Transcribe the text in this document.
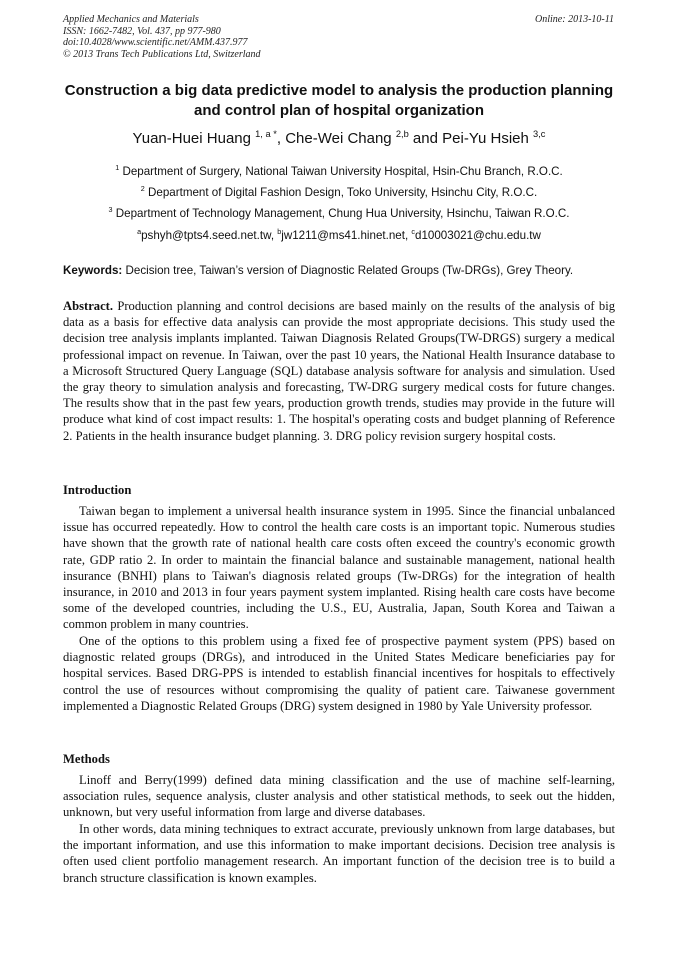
Applied Mechanics and Materials
ISSN: 1662-7482, Vol. 437, pp 977-980
doi:10.4028/www.scientific.net/AMM.437.977
© 2013 Trans Tech Publications Ltd, Switzerland
Online: 2013-10-11
Construction a big data predictive model to analysis the production planning and control plan of hospital organization
Yuan-Huei Huang $^{1, a *}$, Che-Wei Chang $^{2,b}$ and Pei-Yu Hsieh $^{3,c}$
$^1$ Department of Surgery, National Taiwan University Hospital, Hsin-Chu Branch, R.O.C.
$^2$ Department of Digital Fashion Design, Toko University, Hsinchu City, R.O.C.
$^3$ Department of Technology Management, Chung Hua University, Hsinchu, Taiwan R.O.C.
$^a$pshyh@tpts4.seed.net.tw, $^b$jw1211@ms41.hinet.net, $^c$d10003021@chu.edu.tw
Keywords: Decision tree, Taiwan’s version of Diagnostic Related Groups (Tw-DRGs), Grey Theory.

Abstract. Production planning and control decisions are based mainly on the results of the analysis of big data as a basis for effective data analysis can provide the most appropriate decisions. This study used the decision tree analysis implants implanted. Taiwan Diagnosis Related Groups(TW-DRGS) surgery a medical professional impact on revenue. In Taiwan, over the past 10 years, the National Health Insurance database to a Microsoft Structured Query Language (SQL) database analysis software for analysis and simulation. Used the gray theory to simulation analysis and forecasting, TW-DRG surgery medical costs for future changes. The results show that in the past few years, production growth trends, studies may provide in the future will produce what kind of cost impact results: 1. The hospital's operating costs and budget planning of Reference 2. Patients in the health insurance budget planning. 3. DRG policy revision surgery hospital costs.

Introduction

Taiwan began to implement a universal health insurance system in 1995. Since the financial unbalanced issue has occurred repeatedly. How to control the health care costs is an important topic. Numerous studies have shown that the growth rate of national health care costs often exceed the country's economic growth rate, GDP ratio 2. In order to maintain the financial balance and sustainable management, national health insurance (BNHI) plans to Taiwan's diagnosis related groups (Tw-DRGs) for the integration of health insurance, in 2010 and 2013 in four years payment system implanted. Rising health care costs have become some of the developed countries, including the U.S., EU, Australia, Japan, South Korea and Taiwan a common problem in many countries.

One of the options to this problem using a fixed fee of prospective payment system (PPS) based on diagnostic related groups (DRGs), and introduced in the United States Medicare beneficiaries pay for hospital services. Based DRG-PPS is intended to establish financial incentives for hospitals to effectively control the use of resources without compromising the quality of patient care. Taiwanese government implemented a Diagnostic Related Groups (DRG) system designed in 1980 by Yale University professor.

Methods

Linoff and Berry(1999) defined data mining classification and the use of machine self-learning, association rules, sequence analysis, cluster analysis and other statistical methods, to seek out the hidden, unknown, but very useful information from large and diverse databases.

In other words, data mining techniques to extract accurate, previously unknown from large databases, but the important information, and use this information to make important decisions. Decision tree analysis is often used client portfolio management research. An important function of the decision tree is to build a branch structure classification is known examples.
